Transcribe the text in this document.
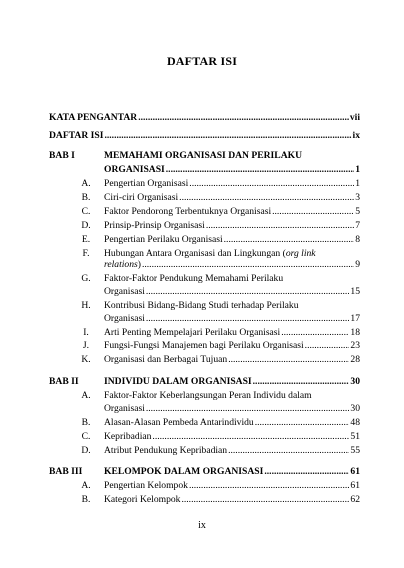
DAFTAR ISI
KATA PENGANTAR .....	vii
DAFTAR ISI .....	ix
BAB I	MEMAHAMI ORGANISASI DAN PERILAKU
ORGANISASI .....	1
A.	Pengertian Organisasi .....	1
B.	Ciri-ciri Organisasi .....	3
C.	Faktor Pendorong Terbentuknya Organisasi .....	5
D.	Prinsip-Prinsip Organisasi .....	7
E.	Pengertian Perilaku Organisasi .....	8
F.	Hubungan Antara Organisasi dan Lingkungan (org link
relations) .....	9
G.	Faktor-Faktor Pendukung Memahami Perilaku
Organisasi .....	15
H.	Kontribusi Bidang-Bidang Studi terhadap Perilaku
Organisasi .....	17
I.	Arti Penting Mempelajari Perilaku Organisasi .....	18
J.	Fungsi-Fungsi Manajemen bagi Perilaku Organisasi .....	23
K.	Organisasi dan Berbagai Tujuan .....	28
BAB II	INDIVIDU DALAM ORGANISASI .....	30
A.	Faktor-Faktor Keberlangsungan Peran Individu dalam
Organisasi .....	30
B.	Alasan-Alasan Pembeda Antarindividu .....	48
C.	Kepribadian .....	51
D.	Atribut Pendukung Kepribadian .....	55
BAB III KELOMPOK DALAM ORGANISASI .....	61
A.	Pengertian Kelompok .....	61
B.	Kategori Kelompok .....	62
ix
